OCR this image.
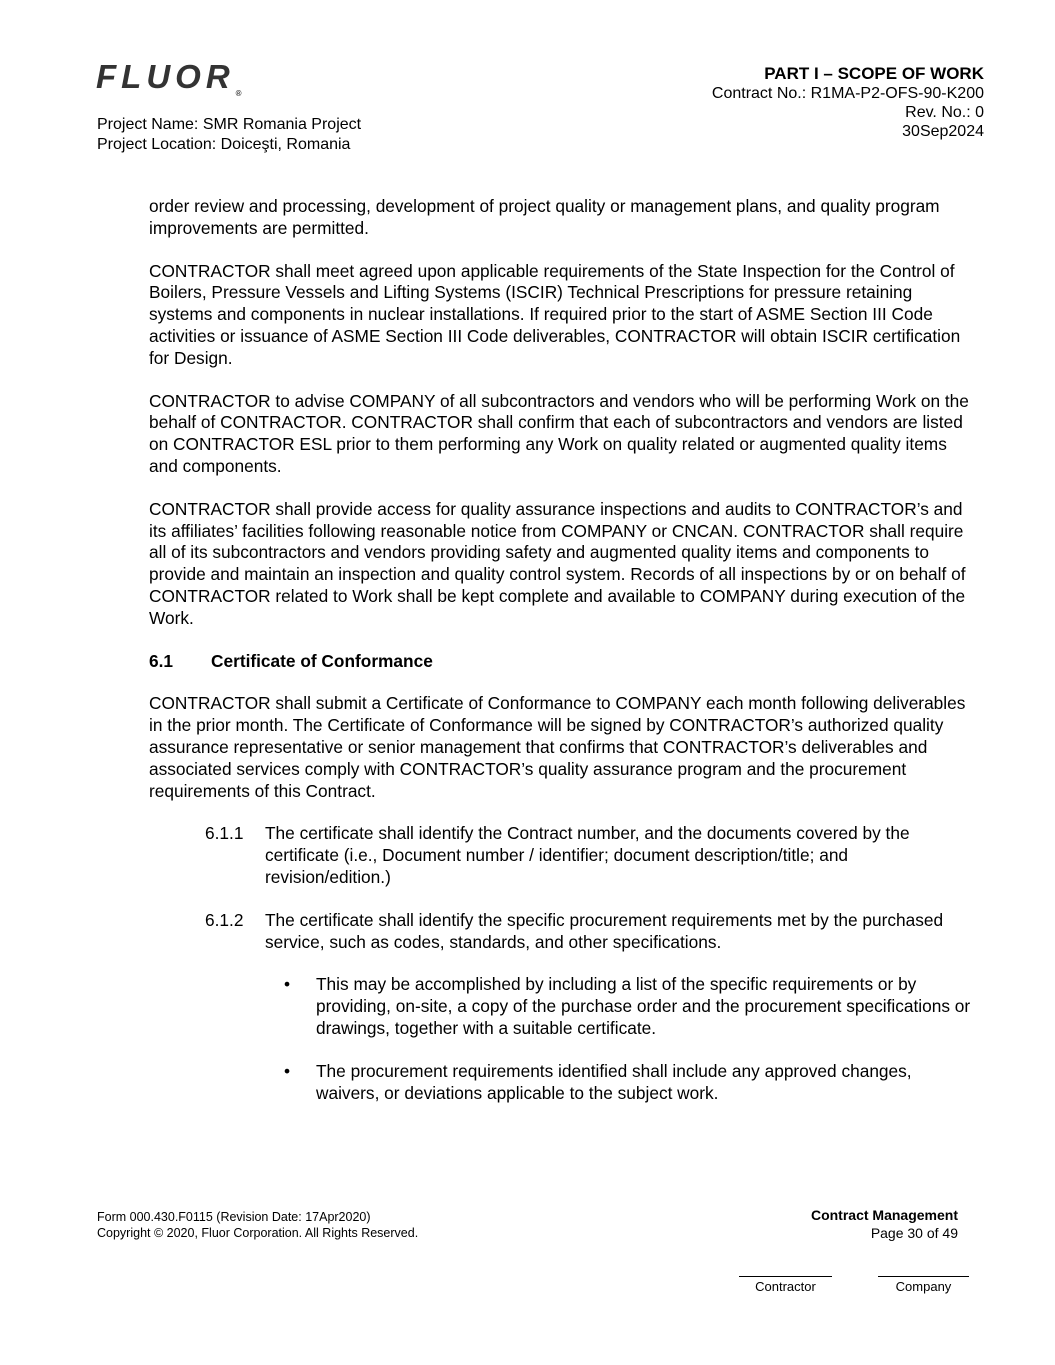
$FLUOR_®$
Project Name: SMR Romania Project
Project Location: Doiceşti, Romania
PART I – SCOPE OF WORK
Contract No.: R1MA-P2-OFS-90-K200
Rev. No.: 0
30Sep2024

order review and processing, development of project quality or management plans, and quality program improvements are permitted.

CONTRACTOR shall meet agreed upon applicable requirements of the State Inspection for the Control of Boilers, Pressure Vessels and Lifting Systems (ISCIR) Technical Prescriptions for pressure retaining systems and components in nuclear installations. If required prior to the start of ASME Section III Code activities or issuance of ASME Section III Code deliverables, CONTRACTOR will obtain ISCIR certification for Design.

CONTRACTOR to advise COMPANY of all subcontractors and vendors who will be performing Work on the behalf of CONTRACTOR. CONTRACTOR shall confirm that each of subcontractors and vendors are listed on CONTRACTOR ESL prior to them performing any Work on quality related or augmented quality items and components.

CONTRACTOR shall provide access for quality assurance inspections and audits to CONTRACTOR’s and its affiliates’ facilities following reasonable notice from COMPANY or CNCAN. CONTRACTOR shall require all of its subcontractors and vendors providing safety and augmented quality items and components to provide and maintain an inspection and quality control system. Records of all inspections by or on behalf of CONTRACTOR related to Work shall be kept complete and available to COMPANY during execution of the Work.

6.1	Certificate of Conformance

CONTRACTOR shall submit a Certificate of Conformance to COMPANY each month following deliverables in the prior month. The Certificate of Conformance will be signed by CONTRACTOR’s authorized quality assurance representative or senior management that confirms that CONTRACTOR’s deliverables and associated services comply with CONTRACTOR’s quality assurance program and the procurement requirements of this Contract.

6.1.1	The certificate shall identify the Contract number, and the documents covered by the certificate (i.e., Document number / identifier; document description/title; and revision/edition.)
6.1.2	The certificate shall identify the specific procurement requirements met by the purchased service, such as codes, standards, and other specifications.
•	This may be accomplished by including a list of the specific requirements or by providing, on-site, a copy of the purchase order and the procurement specifications or drawings, together with a suitable certificate.
•	The procurement requirements identified shall include any approved changes, waivers, or deviations applicable to the subject work.
Form 000.430.F0115 (Revision Date: 17Apr2020)
Copyright © 2020, Fluor Corporation. All Rights Reserved.
Contract Management
Page 30 of 49
Contractor	Company
